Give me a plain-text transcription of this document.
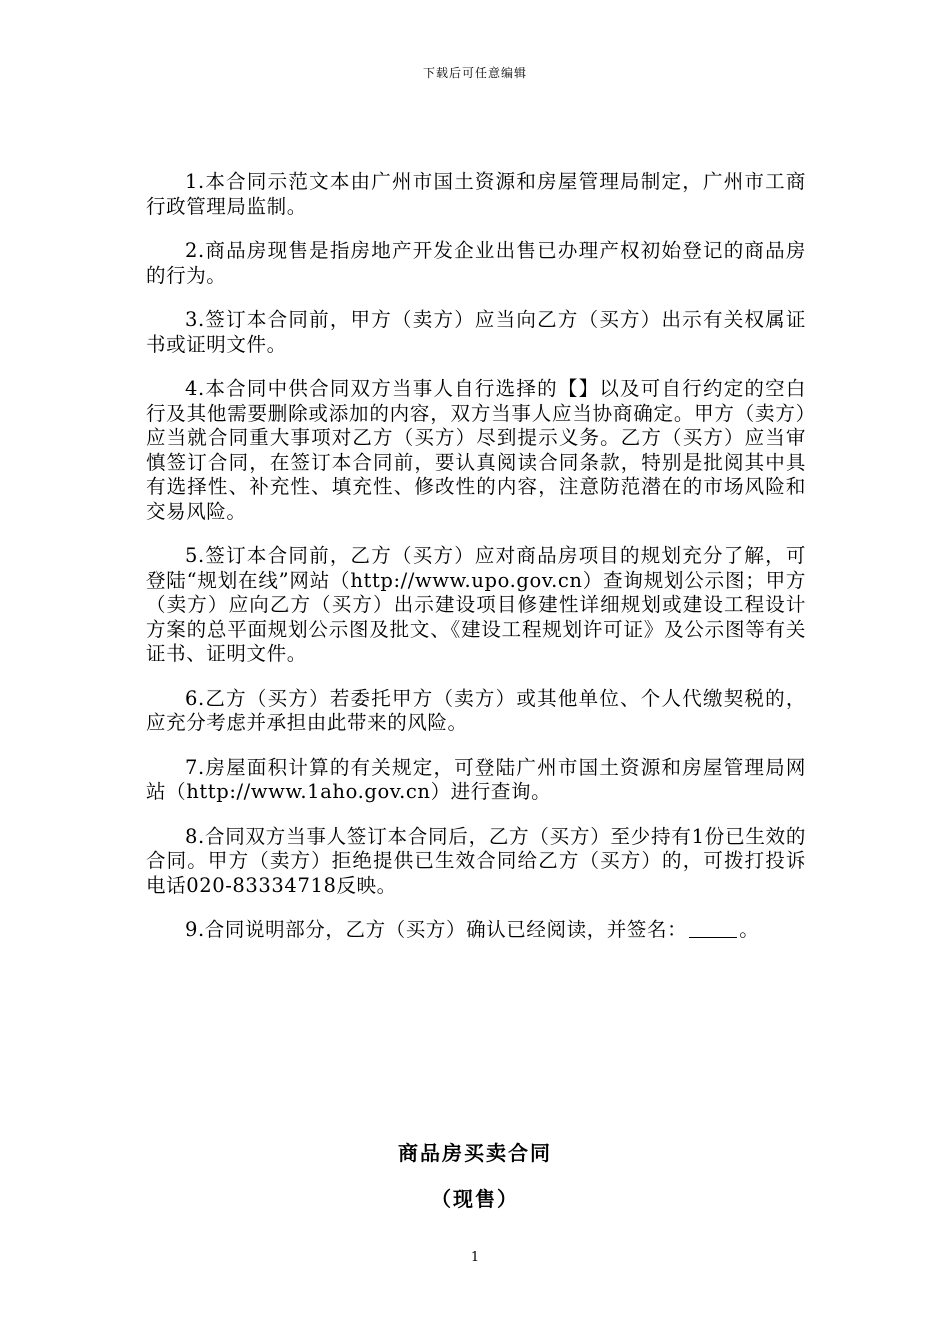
下载后可任意编辑

1.本合同示范文本由广州市国土资源和房屋管理局制定，广州市工商行政管理局监制。

2.商品房现售是指房地产开发企业出售已办理产权初始登记的商品房的行为。

3.签订本合同前，甲方（卖方）应当向乙方（买方）出示有关权属证书或证明文件。

4.本合同中供合同双方当事人自行选择的【】以及可自行约定的空白行及其他需要删除或添加的内容，双方当事人应当协商确定。甲方（卖方）应当就合同重大事项对乙方（买方）尽到提示义务。乙方（买方）应当审慎签订合同，在签订本合同前，要认真阅读合同条款，特别是批阅其中具有选择性、补充性、填充性、修改性的内容，注意防范潜在的市场风险和交易风险。

5.签订本合同前，乙方（买方）应对商品房项目的规划充分了解，可登陆“规划在线”网站（http://www.upo.gov.cn）查询规划公示图；甲方（卖方）应向乙方（买方）出示建设项目修建性详细规划或建设工程设计方案的总平面规划公示图及批文、《建设工程规划许可证》及公示图等有关证书、证明文件。

6.乙方（买方）若委托甲方（卖方）或其他单位、个人代缴契税的，应充分考虑并承担由此带来的风险。

7.房屋面积计算的有关规定，可登陆广州市国土资源和房屋管理局网站（http://www.1aho.gov.cn）进行查询。

8.合同双方当事人签订本合同后，乙方（买方）至少持有1份已生效的合同。甲方（卖方）拒绝提供已生效合同给乙方（买方）的，可拨打投诉电话020-83334718反映。

9.合同说明部分，乙方（买方）确认已经阅读，并签名：	。

商品房买卖合同
（现售）
1
